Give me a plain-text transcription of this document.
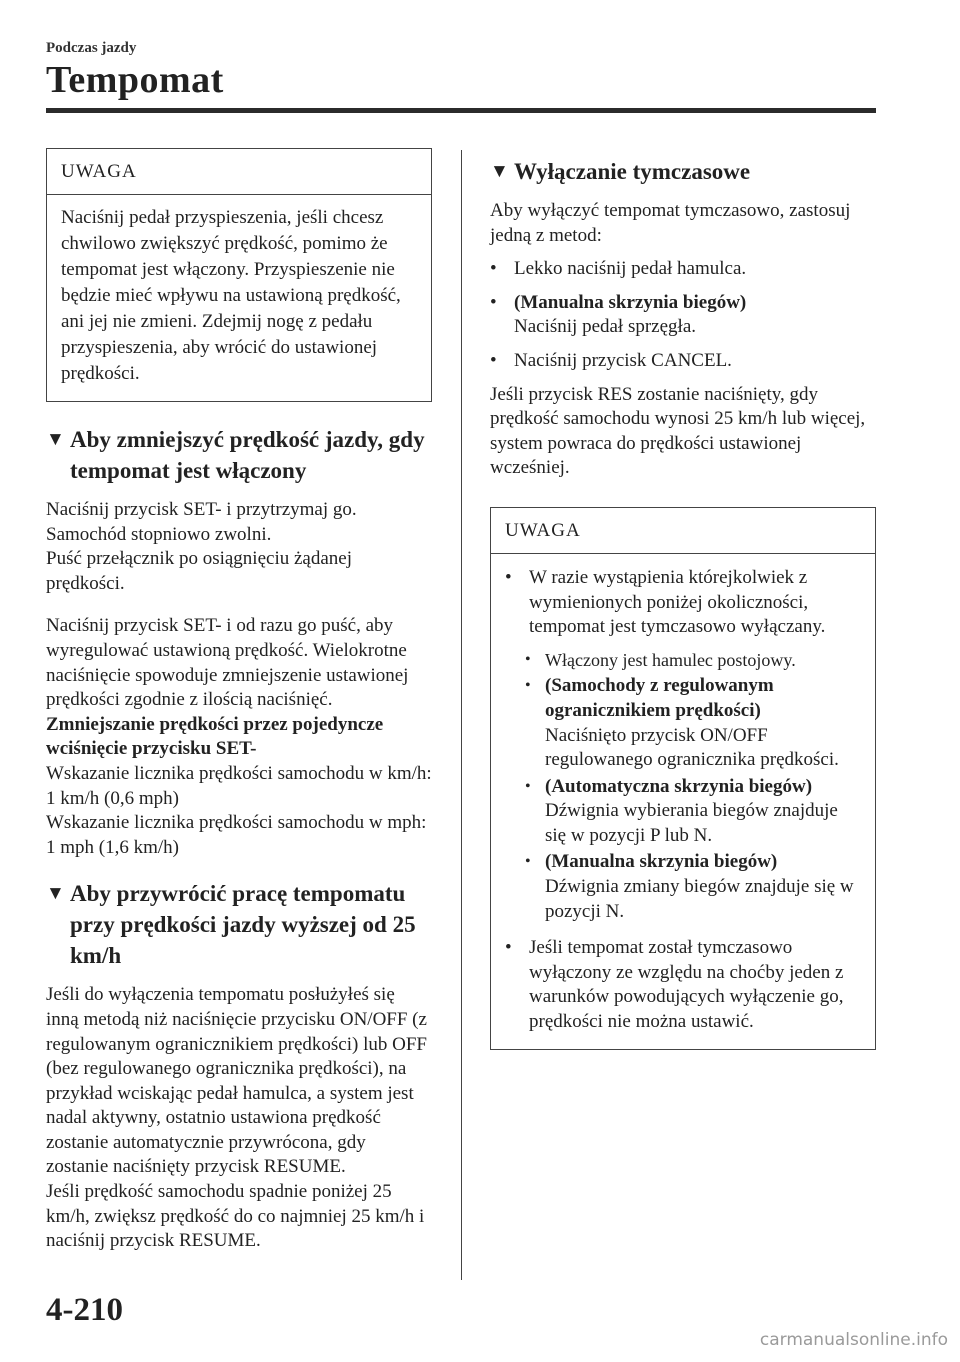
Podczas jazdy
Tempomat
UWAGA
Naciśnij pedał przyspieszenia, jeśli chcesz chwilowo zwiększyć prędkość, pomimo że tempomat jest włączony. Przyspieszenie nie będzie mieć wpływu na ustawioną prędkość, ani jej nie zmieni. Zdejmij nogę z pedału przyspieszenia, aby wrócić do ustawionej prędkości.
▼ Aby zmniejszyć prędkość jazdy, gdy tempomat jest włączony

Naciśnij przycisk SET- i przytrzymaj go. Samochód stopniowo zwolni.

Puść przełącznik po osiągnięciu żądanej prędkości.

Naciśnij przycisk SET- i od razu go puść, aby wyregulować ustawioną prędkość. Wielokrotne naciśnięcie spowoduje zmniejszenie ustawionej prędkości zgodnie z ilością naciśnięć.

Zmniejszanie prędkości przez pojedyncze wciśnięcie przycisku SET-

Wskazanie licznika prędkości samochodu w km/h: 1 km/h (0,6 mph)

Wskazanie licznika prędkości samochodu w mph: 1 mph (1,6 km/h)

▼ Aby przywrócić pracę tempomatu przy prędkości jazdy wyższej od 25 km/h

Jeśli do wyłączenia tempomatu posłużyłeś się inną metodą niż naciśnięcie przycisku ON/OFF (z regulowanym ogranicznikiem prędkości) lub OFF (bez regulowanego ogranicznika prędkości), na przykład wciskając pedał hamulca, a system jest nadal aktywny, ostatnio ustawiona prędkość zostanie automatycznie przywrócona, gdy zostanie naciśnięty przycisk RESUME.

Jeśli prędkość samochodu spadnie poniżej 25 km/h, zwiększ prędkość do co najmniej 25 km/h i naciśnij przycisk RESUME.

▼ Wyłączanie tymczasowe

Aby wyłączyć tempomat tymczasowo, zastosuj jedną z metod:

• Lekko naciśnij pedał hamulca.
• (Manualna skrzynia biegów)
Naciśnij pedał sprzęgła.
• Naciśnij przycisk CANCEL.

Jeśli przycisk RES zostanie naciśnięty, gdy prędkość samochodu wynosi 25 km/h lub więcej, system powraca do prędkości ustawionej wcześniej.

UWAGA
• W razie wystąpienia którejkolwiek z wymienionych poniżej okoliczności, tempomat jest tymczasowo wyłączany.
• Włączony jest hamulec postojowy.
• (Samochody z regulowanym ogranicznikiem prędkości)
Naciśnięto przycisk ON/OFF regulowanego ogranicznika prędkości.
• (Automatyczna skrzynia biegów)
Dźwignia wybierania biegów znajduje się w pozycji P lub N.
• (Manualna skrzynia biegów)
Dźwignia zmiany biegów znajduje się w pozycji N.
• Jeśli tempomat został tymczasowo wyłączony ze względu na choćby jeden z warunków powodujących wyłączenie go, prędkości nie można ustawić.
4-210
carmanualsonline.info
